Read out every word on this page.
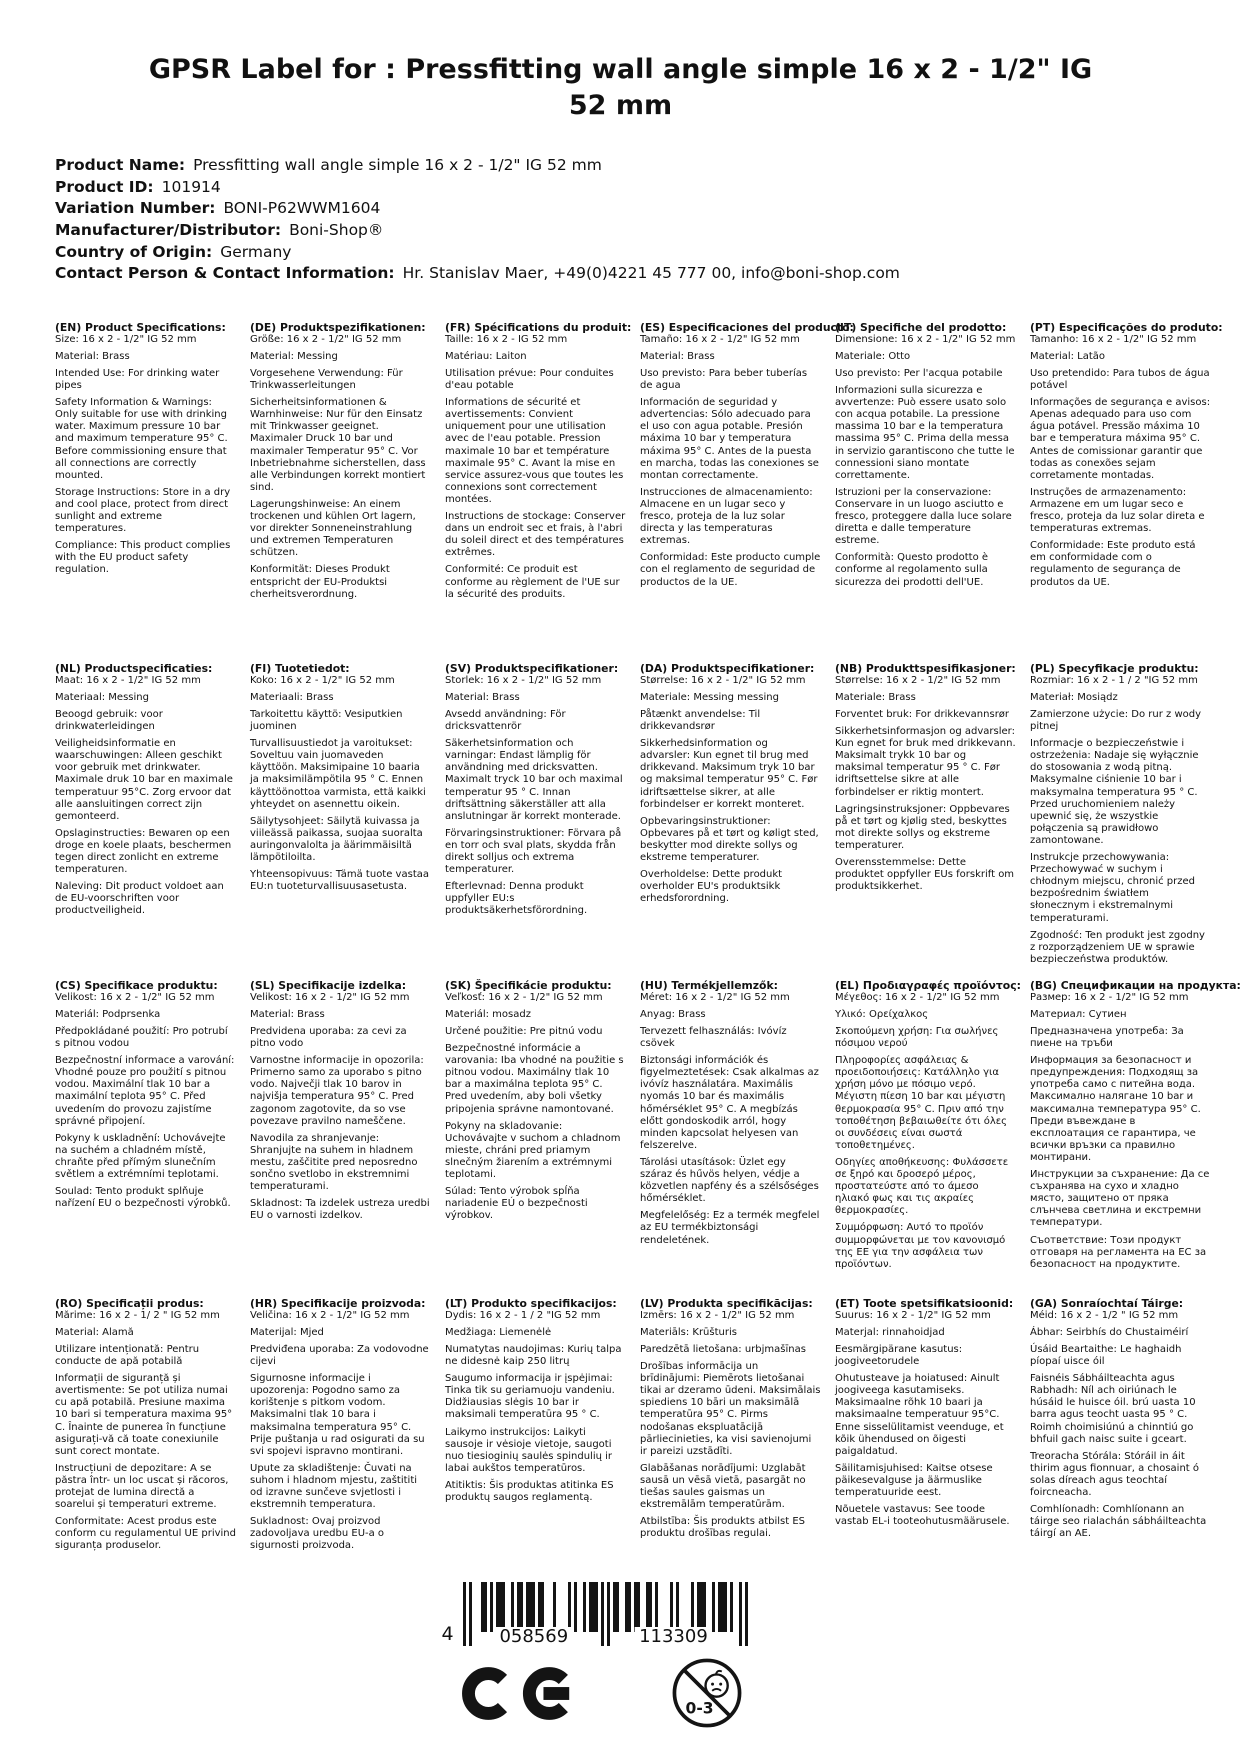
GPSR Label for : Pressfitting wall angle simple 16 x 2 - 1/2" IG 52 mm
Product Name: Pressfitting wall angle simple 16 x 2 - 1/2" IG 52 mm
Product ID: 101914
Variation Number: BONI-P62WWM1604
Manufacturer/Distributor: Boni-Shop®
Country of Origin: Germany
Contact Person & Contact Information: Hr. Stanislav Maer, +49(0)4221 45 777 00, info@boni-shop.com
(EN) Product Specifications:

Size: 16 x 2 - 1/2" IG 52 mm

Material: Brass

Intended Use: For drinking water pipes

Safety Information & Warnings: Only suitable for use with drinking water. Maximum pressure 10 bar and maximum temperature 95° C. Before commissioning ensure that all connections are correctly mounted.

Storage Instructions: Store in a dry and cool place, protect from direct sunlight and extreme temperatures.

Compliance: This product complies with the EU product safety regulation.

(DE) Produktspezifikationen:

Größe: 16 x 2 - 1/2" IG 52 mm

Material: Messing

Vorgesehene Verwendung: Für Trinkwasserleitungen

Sicherheitsinformationen & Warnhinweise: Nur für den Einsatz mit Trinkwasser geeignet. Maximaler Druck 10 bar und maximaler Temperatur 95° C. Vor Inbetriebnahme sicherstellen, dass alle Verbindungen korrekt montiert sind.

Lagerungshinweise: An einem trockenen und kühlen Ort lagern, vor direkter Sonneneinstrahlung und extremen Temperaturen schützen.

Konformität: Dieses Produkt entspricht der EU-Produktsi cherheitsverordnung.

(FR) Spécifications du produit:

Taille: 16 x 2 - IG 52 mm

Matériau: Laiton

Utilisation prévue: Pour conduites d'eau potable

Informations de sécurité et avertissements: Convient uniquement pour une utilisation avec de l'eau potable. Pression maximale 10 bar et température maximale 95° C. Avant la mise en service assurez-vous que toutes les connexions sont correctement montées.

Instructions de stockage: Conserver dans un endroit sec et frais, à l'abri du soleil direct et des températures extrêmes.

Conformité: Ce produit est conforme au règlement de l'UE sur la sécurité des produits.

(ES) Especificaciones del producto:

Tamaño: 16 x 2 - 1/2" IG 52 mm

Material: Brass

Uso previsto: Para beber tuberías de agua

Información de seguridad y advertencias: Sólo adecuado para el uso con agua potable. Presión máxima 10 bar y temperatura máxima 95° C. Antes de la puesta en marcha, todas las conexiones se montan correctamente.

Instrucciones de almacenamiento: Almacene en un lugar seco y fresco, proteja de la luz solar directa y las temperaturas extremas.

Conformidad: Este producto cumple con el reglamento de seguridad de productos de la UE.

(IT) Specifiche del prodotto:

Dimensione: 16 x 2 - 1/2" IG 52 mm

Materiale: Otto

Uso previsto: Per l'acqua potabile

Informazioni sulla sicurezza e avvertenze: Può essere usato solo con acqua potabile. La pressione massima 10 bar e la temperatura massima 95° C. Prima della messa in servizio garantiscono che tutte le connessioni siano montate correttamente.

Istruzioni per la conservazione: Conservare in un luogo asciutto e fresco, proteggere dalla luce solare diretta e dalle temperature estreme.

Conformità: Questo prodotto è conforme al regolamento sulla sicurezza dei prodotti dell'UE.

(PT) Especificações do produto:

Tamanho: 16 x 2 - 1/2" IG 52 mm

Material: Latão

Uso pretendido: Para tubos de água potável

Informações de segurança e avisos: Apenas adequado para uso com água potável. Pressão máxima 10 bar e temperatura máxima 95° C. Antes de comissionar garantir que todas as conexões sejam corretamente montadas.

Instruções de armazenamento: Armazene em um lugar seco e fresco, proteja da luz solar direta e temperaturas extremas.

Conformidade: Este produto está em conformidade com o regulamento de segurança de produtos da UE.

(NL) Productspecificaties:

Maat: 16 x 2 - 1/2" IG 52 mm

Materiaal: Messing

Beoogd gebruik: voor drinkwaterleidingen

Veiligheidsinformatie en waarschuwingen: Alleen geschikt voor gebruik met drinkwater. Maximale druk 10 bar en maximale temperatuur 95°C. Zorg ervoor dat alle aansluitingen correct zijn gemonteerd.

Opslaginstructies: Bewaren op een droge en koele plaats, beschermen tegen direct zonlicht en extreme temperaturen.

Naleving: Dit product voldoet aan de EU-voorschriften voor productveiligheid.

(FI) Tuotetiedot:

Koko: 16 x 2 - 1/2" IG 52 mm

Materiaali: Brass

Tarkoitettu käyttö: Vesiputkien juominen

Turvallisuustiedot ja varoitukset: Soveltuu vain juomaveden käyttöön. Maksimipaine 10 baaria ja maksimilämpötila 95 ° C. Ennen käyttöönottoa varmista, että kaikki yhteydet on asennettu oikein.

Säilytysohjeet: Säilytä kuivassa ja viileässä paikassa, suojaa suoralta auringonvalolta ja äärimmäisiltä lämpötiloilta.

Yhteensopivuus: Tämä tuote vastaa EU:n tuoteturvallisuusasetusta.

(SV) Produktspecifikationer:

Storlek: 16 x 2 - 1/2" IG 52 mm

Material: Brass

Avsedd användning: För dricksvattenrör

Säkerhetsinformation och varningar: Endast lämplig för användning med dricksvatten. Maximalt tryck 10 bar och maximal temperatur 95 ° C. Innan driftsättning säkerställer att alla anslutningar är korrekt monterade.

Förvaringsinstruktioner: Förvara på en torr och sval plats, skydda från direkt solljus och extrema temperaturer.

Efterlevnad: Denna produkt uppfyller EU:s produktsäkerhetsförordning.

(DA) Produktspecifikationer:

Størrelse: 16 x 2 - 1/2" IG 52 mm

Materiale: Messing messing

Påtænkt anvendelse: Til drikkevandsrør

Sikkerhedsinformation og advarsler: Kun egnet til brug med drikkevand. Maksimum tryk 10 bar og maksimal temperatur 95° C. Før idriftsættelse sikrer, at alle forbindelser er korrekt monteret.

Opbevaringsinstruktioner: Opbevares på et tørt og køligt sted, beskytter mod direkte sollys og ekstreme temperaturer.

Overholdelse: Dette produkt overholder EU's produktsikk erhedsforordning.

(NB) Produkttspesifikasjoner:

Størrelse: 16 x 2 - 1/2" IG 52 mm

Materiale: Brass

Forventet bruk: For drikkevannsrør

Sikkerhetsinformasjon og advarsler: Kun egnet for bruk med drikkevann. Maksimalt trykk 10 bar og maksimal temperatur 95 ° C. Før idriftsettelse sikre at alle forbindelser er riktig montert.

Lagringsinstruksjoner: Oppbevares på et tørt og kjølig sted, beskyttes mot direkte sollys og ekstreme temperaturer.

Overensstemmelse: Dette produktet oppfyller EUs forskrift om produktsikkerhet.

(PL) Specyfikacje produktu:

Rozmiar: 16 x 2 - 1 / 2 "IG 52 mm

Materiał: Mosiądz

Zamierzone użycie: Do rur z wody pitnej

Informacje o bezpieczeństwie i ostrzeżenia: Nadaje się wyłącznie do stosowania z wodą pitną. Maksymalne ciśnienie 10 bar i maksymalna temperatura 95 ° C. Przed uruchomieniem należy upewnić się, że wszystkie połączenia są prawidłowo zamontowane.

Instrukcje przechowywania: Przechowywać w suchym i chłodnym miejscu, chronić przed bezpośrednim światłem słonecznym i ekstremalnymi temperaturami.

Zgodność: Ten produkt jest zgodny z rozporządzeniem UE w sprawie bezpieczeństwa produktów.

(CS) Specifikace produktu:

Velikost: 16 x 2 - 1/2" IG 52 mm

Materiál: Podprsenka

Předpokládané použití: Pro potrubí s pitnou vodou

Bezpečnostní informace a varování: Vhodné pouze pro použití s pitnou vodou. Maximální tlak 10 bar a maximální teplota 95° C. Před uvedením do provozu zajistíme správné připojení.

Pokyny k uskladnění: Uchovávejte na suchém a chladném místě, chraňte před přímým slunečním světlem a extrémními teplotami.

Soulad: Tento produkt splňuje nařízení EU o bezpečnosti výrobků.

(SL) Specifikacije izdelka:

Velikost: 16 x 2 - 1/2" IG 52 mm

Material: Brass

Predvidena uporaba: za cevi za pitno vodo

Varnostne informacije in opozorila: Primerno samo za uporabo s pitno vodo. Največji tlak 10 barov in najvišja temperatura 95° C. Pred zagonom zagotovite, da so vse povezave pravilno nameščene.

Navodila za shranjevanje: Shranjujte na suhem in hladnem mestu, zaščitite pred neposredno sončno svetlobo in ekstremnimi temperaturami.

Skladnost: Ta izdelek ustreza uredbi EU o varnosti izdelkov.

(SK) Špecifikácie produktu:

Veľkosť: 16 x 2 - 1/2" IG 52 mm

Materiál: mosadz

Určené použitie: Pre pitnú vodu

Bezpečnostné informácie a varovania: Iba vhodné na použitie s pitnou vodou. Maximálny tlak 10 bar a maximálna teplota 95° C. Pred uvedením, aby boli všetky pripojenia správne namontované.

Pokyny na skladovanie: Uchovávajte v suchom a chladnom mieste, chráni pred priamym slnečným žiarením a extrémnymi teplotami.

Súlad: Tento výrobok spĺňa nariadenie EÚ o bezpečnosti výrobkov.

(HU) Termékjellemzők:

Méret: 16 x 2 - 1/2" IG 52 mm

Anyag: Brass

Tervezett felhasználás: Ivóvíz csövek

Biztonsági információk és figyelmeztetések: Csak alkalmas az ivóvíz használatára. Maximális nyomás 10 bar és maximális hőmérséklet 95° C. A megbízás előtt gondoskodik arról, hogy minden kapcsolat helyesen van felszerelve.

Tárolási utasítások: Üzlet egy száraz és hűvös helyen, védje a közvetlen napfény és a szélsőséges hőmérséklet.

Megfelelőség: Ez a termék megfelel az EU termékbiztonsági rendeletének.

(EL) Προδιαγραφές προϊόντος:

Μέγεθος: 16 x 2 - 1/2" IG 52 mm

Υλικό: Ορείχαλκος

Σκοπούμενη χρήση: Για σωλήνες πόσιμου νερού

Πληροφορίες ασφάλειας & προειδοποιήσεις: Κατάλληλο για χρήση μόνο με πόσιμο νερό. Μέγιστη πίεση 10 bar και μέγιστη θερμοκρασία 95° C. Πριν από την τοποθέτηση βεβαιωθείτε ότι όλες οι συνδέσεις είναι σωστά τοποθετημένες.

Οδηγίες αποθήκευσης: Φυλάσσετε σε ξηρό και δροσερό μέρος, προστατεύστε από το άμεσο ηλιακό φως και τις ακραίες θερμοκρασίες.

Συμμόρφωση: Αυτό το προϊόν συμμορφώνεται με τον κανονισμό της ΕΕ για την ασφάλεια των προϊόντων.

(BG) Спецификации на продукта:

Размер: 16 x 2 - 1/2" IG 52 mm

Материал: Сутиен

Предназначена употреба: За пиене на тръби

Информация за безопасност и предупреждения: Подходящ за употреба само с питейна вода. Максимално налягане 10 bar и максимална температура 95° C. Преди въвеждане в експлоатация се гарантира, че всички връзки са правилно монтирани.

Инструкции за съхранение: Да се съхранява на сухо и хладно място, защитено от пряка слънчева светлина и екстремни температури.

Съответствие: Този продукт отговаря на регламента на ЕС за безопасност на продуктите.

(RO) Specificații produs:

Mărime: 16 x 2 - 1/ 2 " IG 52 mm

Material: Alamă

Utilizare intenționată: Pentru conducte de apă potabilă

Informații de siguranță și avertismente: Se pot utiliza numai cu apă potabilă. Presiune maxima 10 bari si temperatura maxima 95° C. Înainte de punerea în funcțiune asigurați-vă că toate conexiunile sunt corect montate.

Instrucțiuni de depozitare: A se păstra într- un loc uscat și răcoros, protejat de lumina directă a soarelui și temperaturi extreme.

Conformitate: Acest produs este conform cu regulamentul UE privind siguranța produselor.

(HR) Specifikacije proizvoda:

Veličina: 16 x 2 - 1/2" IG 52 mm

Materijal: Mjed

Predviđena uporaba: Za vodovodne cijevi

Sigurnosne informacije i upozorenja: Pogodno samo za korištenje s pitkom vodom. Maksimalni tlak 10 bara i maksimalna temperatura 95° C. Prije puštanja u rad osigurati da su svi spojevi ispravno montirani.

Upute za skladištenje: Čuvati na suhom i hladnom mjestu, zaštititi od izravne sunčeve svjetlosti i ekstremnih temperatura.

Sukladnost: Ovaj proizvod zadovoljava uredbu EU-a o sigurnosti proizvoda.

(LT) Produkto specifikacijos:

Dydis: 16 x 2 - 1 / 2 "IG 52 mm

Medžiaga: Liemenėlė

Numatytas naudojimas: Kurių talpa ne didesnė kaip 250 litrų

Saugumo informacija ir įspėjimai: Tinka tik su geriamuoju vandeniu. Didžiausias slėgis 10 bar ir maksimali temperatūra 95 ° C.

Laikymo instrukcijos: Laikyti sausoje ir vėsioje vietoje, saugoti nuo tiesioginių saulės spindulių ir labai aukštos temperatūros.

Atitiktis: Šis produktas atitinka ES produktų saugos reglamentą.

(LV) Produkta specifikācijas:

Izmērs: 16 x 2 - 1/2" IG 52 mm

Materiāls: Krūšturis

Paredzētā lietošana: urbjmašīnas

Drošības informācija un brīdinājumi: Piemērots lietošanai tikai ar dzeramo ūdeni. Maksimālais spiediens 10 bāri un maksimālā temperatūra 95° C. Pirms nodošanas ekspluatācijā pārliecinieties, ka visi savienojumi ir pareizi uzstādīti.

Glabāšanas norādījumi: Uzglabāt sausā un vēsā vietā, pasargāt no tiešas saules gaismas un ekstremālām temperatūrām.

Atbilstība: Šis produkts atbilst ES produktu drošības regulai.

(ET) Toote spetsifikatsioonid:

Suurus: 16 x 2 - 1/2" IG 52 mm

Materjal: rinnahoidjad

Eesmärgipärane kasutus: joogiveetorudele

Ohutusteave ja hoiatused: Ainult joogiveega kasutamiseks. Maksimaalne rõhk 10 baari ja maksimaalne temperatuur 95°C. Enne sisselülitamist veenduge, et kõik ühendused on õigesti paigaldatud.

Säilitamisjuhised: Kaitse otsese päikesevalguse ja äärmuslike temperatuuride eest.

Nõuetele vastavus: See toode vastab EL-i tooteohutusmäärusele.

(GA) Sonraíochtaí Táirge:

Méid: 16 x 2 - 1/2 " IG 52 mm

Ábhar: Seirbhís do Chustaiméirí

Úsáid Beartaithe: Le haghaidh píopaí uisce óil

Faisnéis Sábháilteachta agus Rabhadh: Níl ach oiriúnach le húsáid le huisce óil. brú uasta 10 barra agus teocht uasta 95 ° C. Roimh choimisiúnú a chinntiú go bhfuil gach naisc suite i gceart.

Treoracha Stórála: Stóráil in áit thirim agus fionnuar, a chosaint ó solas díreach agus teochtaí foircneacha.

Comhlíonadh: Comhlíonann an táirge seo rialachán sábháilteachta táirgí an AE.

4	058569	113309
0-3
